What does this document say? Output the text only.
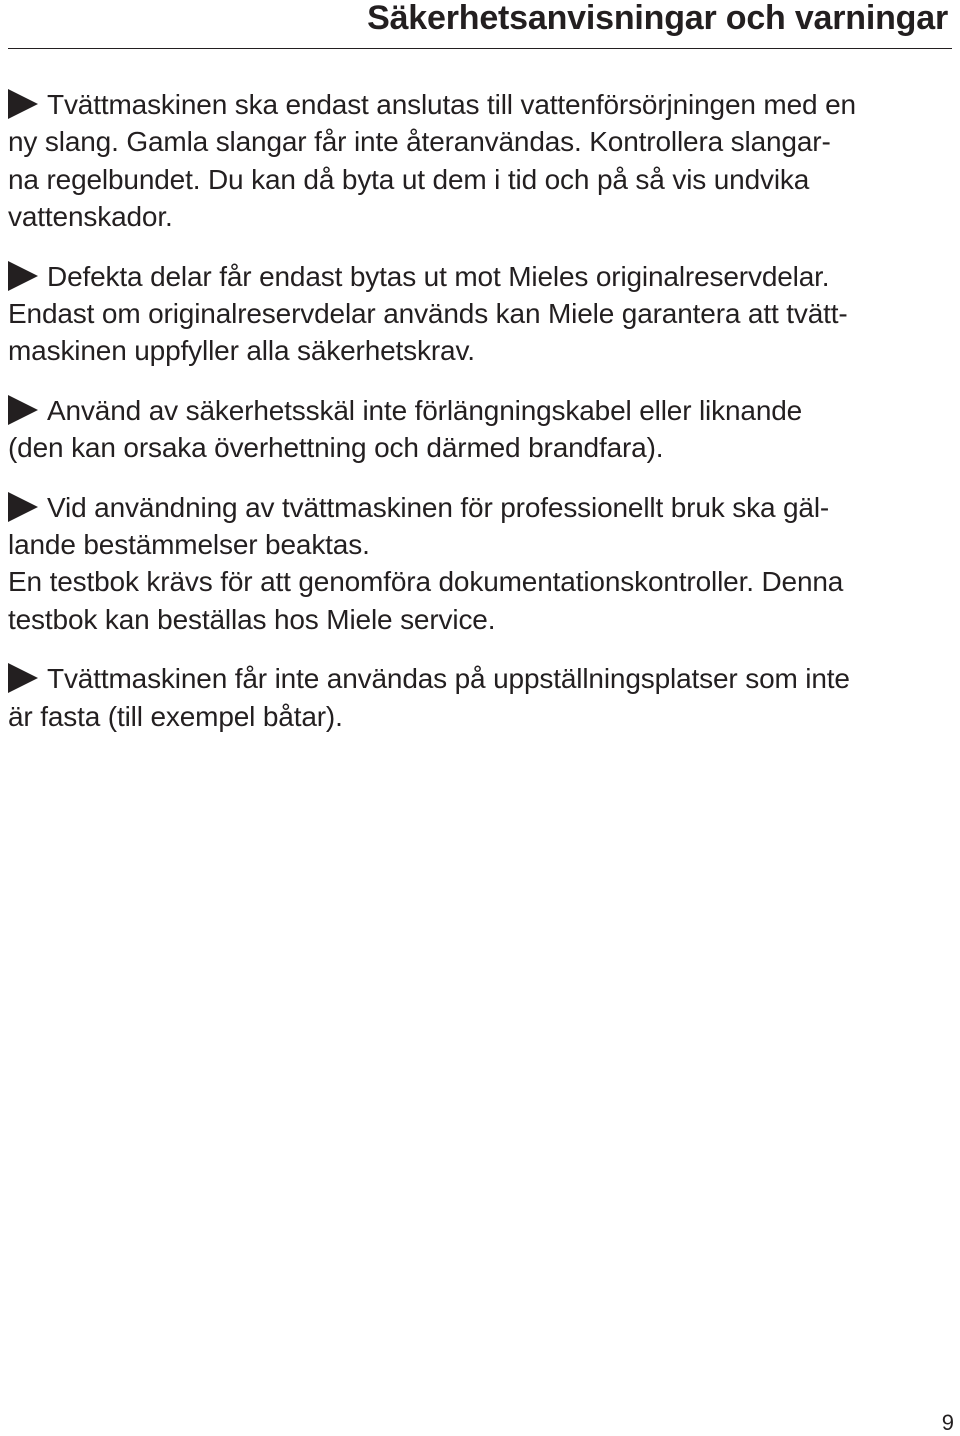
Säkerhetsanvisningar och varningar

Tvättmaskinen ska endast anslutas till vattenförsörjningen med en

ny slang. Gamla slangar får inte återanvändas. Kontrollera slangar-

na regelbundet. Du kan då byta ut dem i tid och på så vis undvika

vattenskador.

Defekta delar får endast bytas ut mot Mieles originalreservdelar.

Endast om originalreservdelar används kan Miele garantera att tvätt-

maskinen uppfyller alla säkerhetskrav.

Använd av säkerhetsskäl inte förlängningskabel eller liknande

(den kan orsaka överhettning och därmed brandfara).

Vid användning av tvättmaskinen för professionellt bruk ska gäl-

lande bestämmelser beaktas.

En testbok krävs för att genomföra dokumentationskontroller. Denna

testbok kan beställas hos Miele service.

Tvättmaskinen får inte användas på uppställningsplatser som inte

är fasta (till exempel båtar).

9
